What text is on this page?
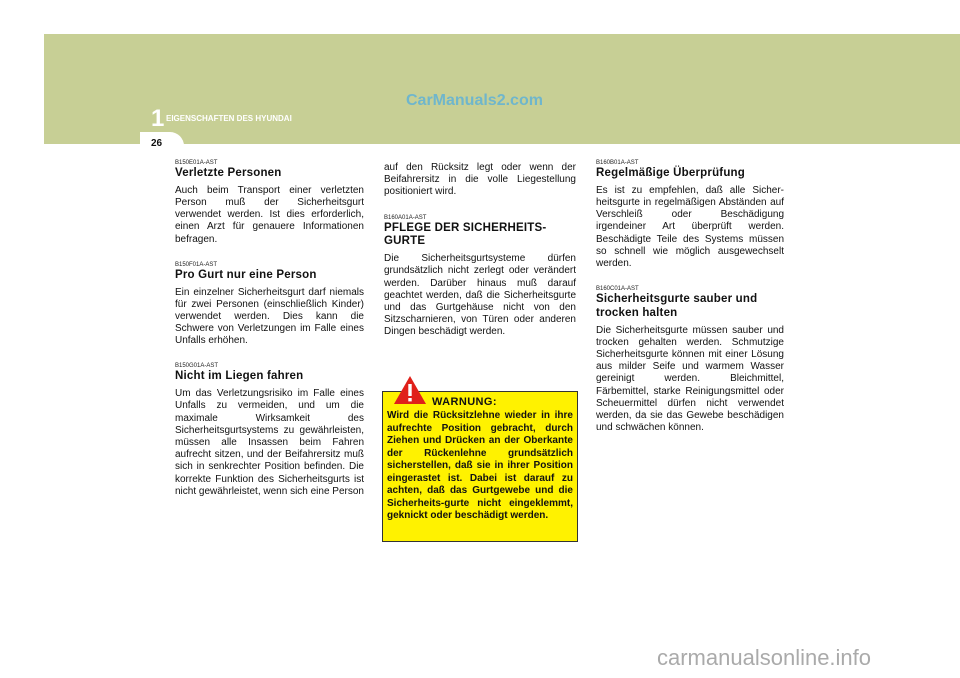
1 EIGENSCHAFTEN DES HYUNDAI
26
CarManuals2.com
B150E01A-AST
Verletzte Personen

Auch beim Transport einer verletzten Person muß der Sicherheitsgurt verwendet werden. Ist dies erforderlich, einen Arzt für genauere Informationen befragen.

B150F01A-AST
Pro Gurt nur eine Person

Ein einzelner Sicherheitsgurt darf niemals für zwei Personen (einschließlich Kinder) verwendet werden. Dies kann die Schwere von Verletzungen im Falle eines Unfalls erhöhen.

B150G01A-AST
Nicht im Liegen fahren

Um das Verletzungsrisiko im Falle eines Unfalls zu vermeiden, und um die maximale Wirksamkeit des Sicherheitsgurtsystems zu gewährleisten, müssen alle Insassen beim Fahren aufrecht sitzen, und der Beifahrersitz muß sich in senkrechter Position befinden. Die korrekte Funktion des Sicherheitsgurts ist nicht gewährleistet, wenn sich eine Person

auf den Rücksitz legt oder wenn der Beifahrersitz in die volle Liegestellung positioniert wird.

B160A01A-AST
PFLEGE DER SICHERHEITS-GURTE

Die Sicherheitsgurtsysteme dürfen grundsätzlich nicht zerlegt oder verändert werden. Darüber hinaus muß darauf geachtet werden, daß die Sicherheitsgurte und das Gurtgehäuse nicht von den Sitzscharnieren, von Türen oder anderen Dingen beschädigt werden.

Wird die Rücksitzlehne wieder in ihre aufrechte Position gebracht, durch Ziehen und Drücken an der Oberkante der Rückenlehne grundsätzlich sicherstellen, daß sie in ihrer Position eingerastet ist. Dabei ist darauf zu achten, daß das Gurtgewebe und die Sicherheits-gurte nicht eingeklemmt, geknickt oder beschädigt werden.

WARNUNG:
B160B01A-AST
Regelmäßige Überprüfung

Es ist zu empfehlen, daß alle Sicher-heitsgurte in regelmäßigen Abständen auf Verschleiß oder Beschädigung irgendeiner Art überprüft werden. Beschädigte Teile des Systems müssen so schnell wie möglich ausgewechselt werden.

B160C01A-AST
Sicherheitsgurte sauber und trocken halten

Die Sicherheitsgurte müssen sauber und trocken gehalten werden. Schmutzige Sicherheitsgurte können mit einer Lösung aus milder Seife und warmem Wasser gereinigt werden. Bleichmittel, Färbemittel, starke Reinigungsmittel oder Scheuermittel dürfen nicht verwendet werden, da sie das Gewebe beschädigen und schwächen können.

carmanualsonline.info
